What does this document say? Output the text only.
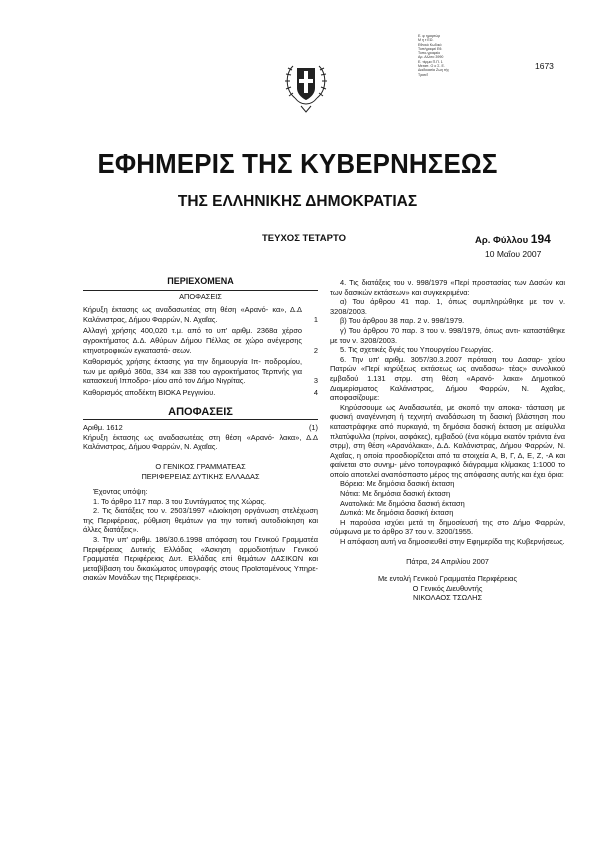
Ε. φ ημαρτώρ
Μ η τ ΕΩ.
Εθνικό Κωδικό
Τυπ/γραφεί Εθ.
Τυπο-γραφείο
Αρ. Αλλιτο 3990
Ε. τέρμα Π.Π. 1
Μεταπ. Ο ο Σ. Ε.
Διαδικασία Ζωη τής
Τρισεΐ
1673
ΕΦΗΜΕΡΙΣ ΤΗΣ ΚΥΒΕΡΝΗΣΕΩΣ
ΤΗΣ ΕΛΛΗΝΙΚΗΣ ΔΗΜΟΚΡΑΤΙΑΣ
ΤΕΥΧΟΣ ΤΕΤΑΡΤΟ	Αρ. Φύλλου 194
10 Μαΐου 2007
ΠΕΡΙΕΧΟΜΕΝΑ
ΑΠΟΦΑΣΕΙΣ
Κήρυξη έκτασης ως αναδασωτέας στη θέση «Αρανό- κα», Δ.Δ Καλάνιστρας, Δήμου Φαρρών, Ν. Αχαΐας.	1
Αλλαγή χρήσης 400,020 τ.μ. από το υπ' αριθμ. 2368α χέρσο αγροκτήματος Δ.Δ. Αθύρων Δήμου Πέλλας σε χώρο ανέγερσης κτηνοτροφικών εγκαταστά- σεων.	2
Καθορισμός χρήσης έκτασης για την δημιουργία Ιπ- ποδρομίου, των με αριθμό 360α, 334 και 338 του αγροκτήματος Τερπνής για κατασκευή Ιπποδρο- μίου από τον Δήμο Νιγρίτας.	3
Καθορισμός αποδέκτη ΒΙΟΚΑ Ρεγγινίου.	4
ΑΠΟΦΑΣΕΙΣ
Αριθμ. 1612	(1)

Κήρυξη έκτασης ως αναδασωτέας στη θέση «Αρανό- λακα», Δ.Δ Καλάνιστρας, Δήμου Φαρρών, Ν. Αχαΐας.

Ο ΓΕΝΙΚΟΣ ΓΡΑΜΜΑΤΕΑΣ

ΠΕΡΙΦΕΡΕΙΑΣ ΔΥΤΙΚΗΣ ΕΛΛΑΔΑΣ

Έχοντας υπόψη:

1. Το άρθρο 117 παρ. 3 του Συντάγματος της Χώρας.

2. Τις διατάξεις του ν. 2503/1997 «Διοίκηση οργάνωση στελέχωση της Περιφέρειας, ρύθμιση θεμάτων για την τοπική αυτοδιοίκηση και άλλες διατάξεις».

3. Την υπ' αριθμ. 186/30.6.1998 απόφαση του Γενικού Γραμματέα Περιφέρειας Δυτικής Ελλάδας «Άσκηση αρμοδιοτήτων Γενικού Γραμματέα Περιφέρειας Δυτ. Ελλάδας επί θεμάτων ΔΑΣΙΚΩΝ και μεταβίβαση του δικαιώματος υπογραφής στους Προϊσταμένους Υπηρε- σιακών Μονάδων της Περιφέρειας».

4. Τις διατάξεις του ν. 998/1979 «Περί προστασίας των Δασών και των δασικών εκτάσεων» και συγκεκριμένα:

α) Του άρθρου 41 παρ. 1, όπως συμπληρώθηκε με τον ν. 3208/2003.

β) Του άρθρου 38 παρ. 2 ν. 998/1979.

γ) Του άρθρου 70 παρ. 3 του ν. 998/1979, όπως αντι- καταστάθηκε με τον ν. 3208/2003.

5. Τις σχετικές δγιές του Υπουργείου Γεωργίας.

6. Την υπ' αριθμ. 3057/30.3.2007 πρόταση του Δασαρ- χείου Πατρών «Περί κηρύξεως εκτάσεως ως αναδασω- τέας» συνολικού εμβαδού 1.131 στρμ. στη θέση «Αρανό- λακα» Δημοτικού Διαμερίσματος Καλάνιστρας, Δήμου Φαρρών, Ν. Αχαΐας, αποφασίζουμε:

Κηρύσσουμε ως Αναδασωτέα, με σκοπό την αποκα- τάσταση με φυσική αναγέννηση ή τεχνητή αναδάσωση τη δασική βλάστηση που καταστράφηκε από πυρκαγιά, τη δημόσια δασική έκταση με αείφυλλα πλατύφυλλα (πρίνοι, ασφάκες), εμβαδού (ένα κόμμα εκατόν τριάντα ένα στρμ), στη θέση «Αρανόλακα», Δ.Δ. Καλάνιστρας, Δήμου Φαρρών, Ν. Αχαΐας, η οποία προσδιορίζεται από τα στοιχεία Α, Β, Γ, Δ, Ε, Ζ, -Α και φαίνεται στο συνημ- μένο τοπογραφικό διάγραμμα κλίμακας 1:1000 το οποίο αποτελεί αναπόσπαστο μέρος της απόφασης αυτής και έχει όρια:

Βόρεια: Με δημόσια δασική έκταση

Νότια: Με δημόσια δασική έκταση

Ανατολικά: Με δημόσια δασική έκταση

Δυτικά: Με δημόσια δασική έκταση

Η παρούσα ισχύει μετά τη δημοσίευσή της στο Δήμο Φαρρών, σύμφωνα με το άρθρο 37 του ν. 3200/1955.

Η απόφαση αυτή να δημοσιευθεί στην Εφημερίδα της Κυβερνήσεως.

Πάτρα, 24 Απριλίου 2007

Με εντολή Γενικού Γραμματέα Περιφέρειας

Ο Γενικός Διευθυντής

ΝΙΚΟΛΑΟΣ ΤΣΩΛΗΣ
